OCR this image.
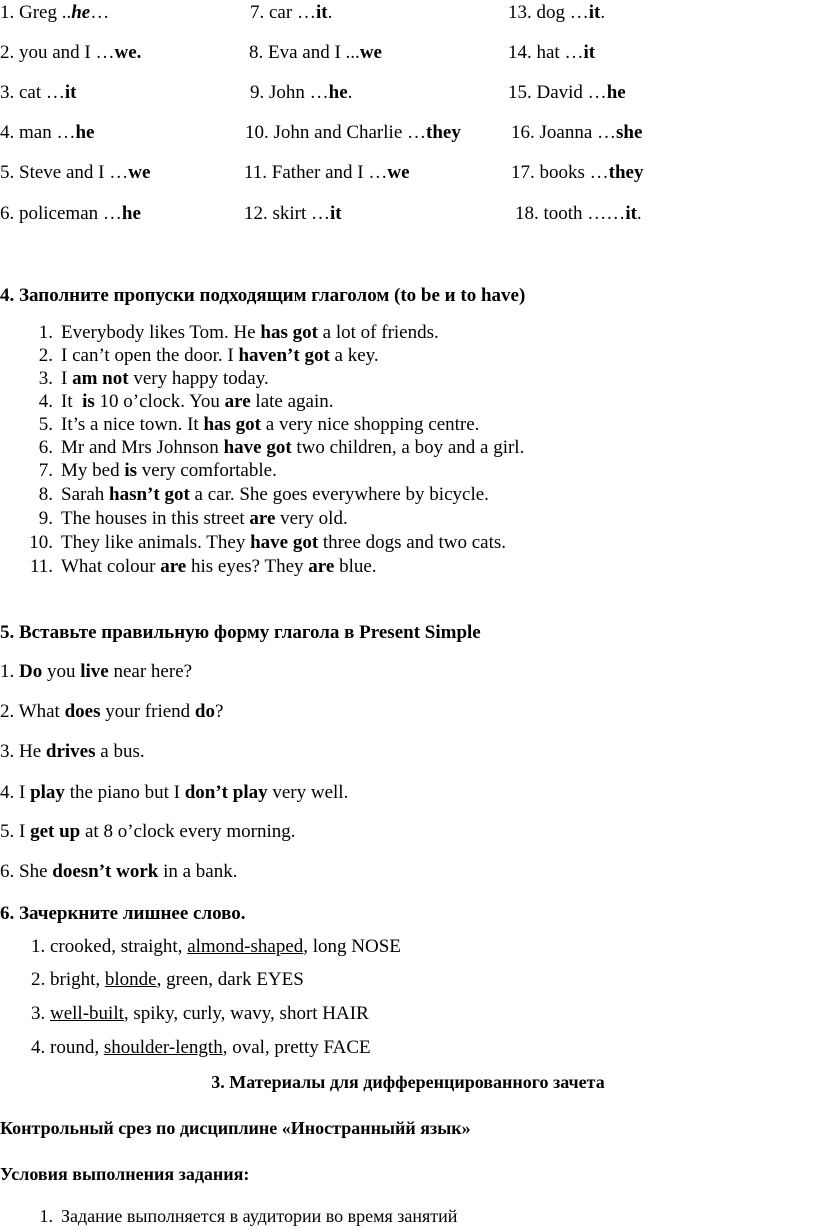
1. Greg ..he…
2. you and I …we.
3. cat …it
4. man …he
5. Steve and I …we
6. policeman …he
7. car …it.
8. Eva and I ...we
9. John …he.
10. John and Charlie …they
11. Father and I …we
12. skirt …it
13. dog …it.
14. hat …it
15. David …he
16. Joanna …she
17. books …they
18. tooth ……it.
4. Заполните пропуски подходящим глаголом (to be и to have)
1. Everybody likes Tom. He has got a lot of friends.
2. I can’t open the door. I haven’t got a key.
3. I am not very happy today.
4. It  is 10 o’clock. You are late again.
5. It’s a nice town. It has got a very nice shopping centre.
6. Mr and Mrs Johnson have got two children, a boy and a girl.
7. My bed is very comfortable.
8. Sarah hasn’t got a car. She goes everywhere by bicycle.
9. The houses in this street are very old.
10. They like animals. They have got three dogs and two cats.
11. What colour are his eyes? They are blue.
5. Вставьте правильную форму глагола в Present Simple
1. Do you live near here?
2. What does your friend do?
3. He drives a bus.
4. I play the piano but I don’t play very well.
5. I get up at 8 o’clock every morning.
6. She doesn’t work in a bank.
6. Зачеркните лишнее слово.
1. crooked, straight, almond-shaped, long NOSE
2. bright, blonde, green, dark EYES
3. well-built, spiky, curly, wavy, short HAIR
4. round, shoulder-length, oval, pretty FACE
3. Материалы для дифференцированного зачета
Контрольный срез по дисциплине «Иностранныйй язык»
Условия выполнения задания:
1. Задание выполняется в аудитории во время занятий
